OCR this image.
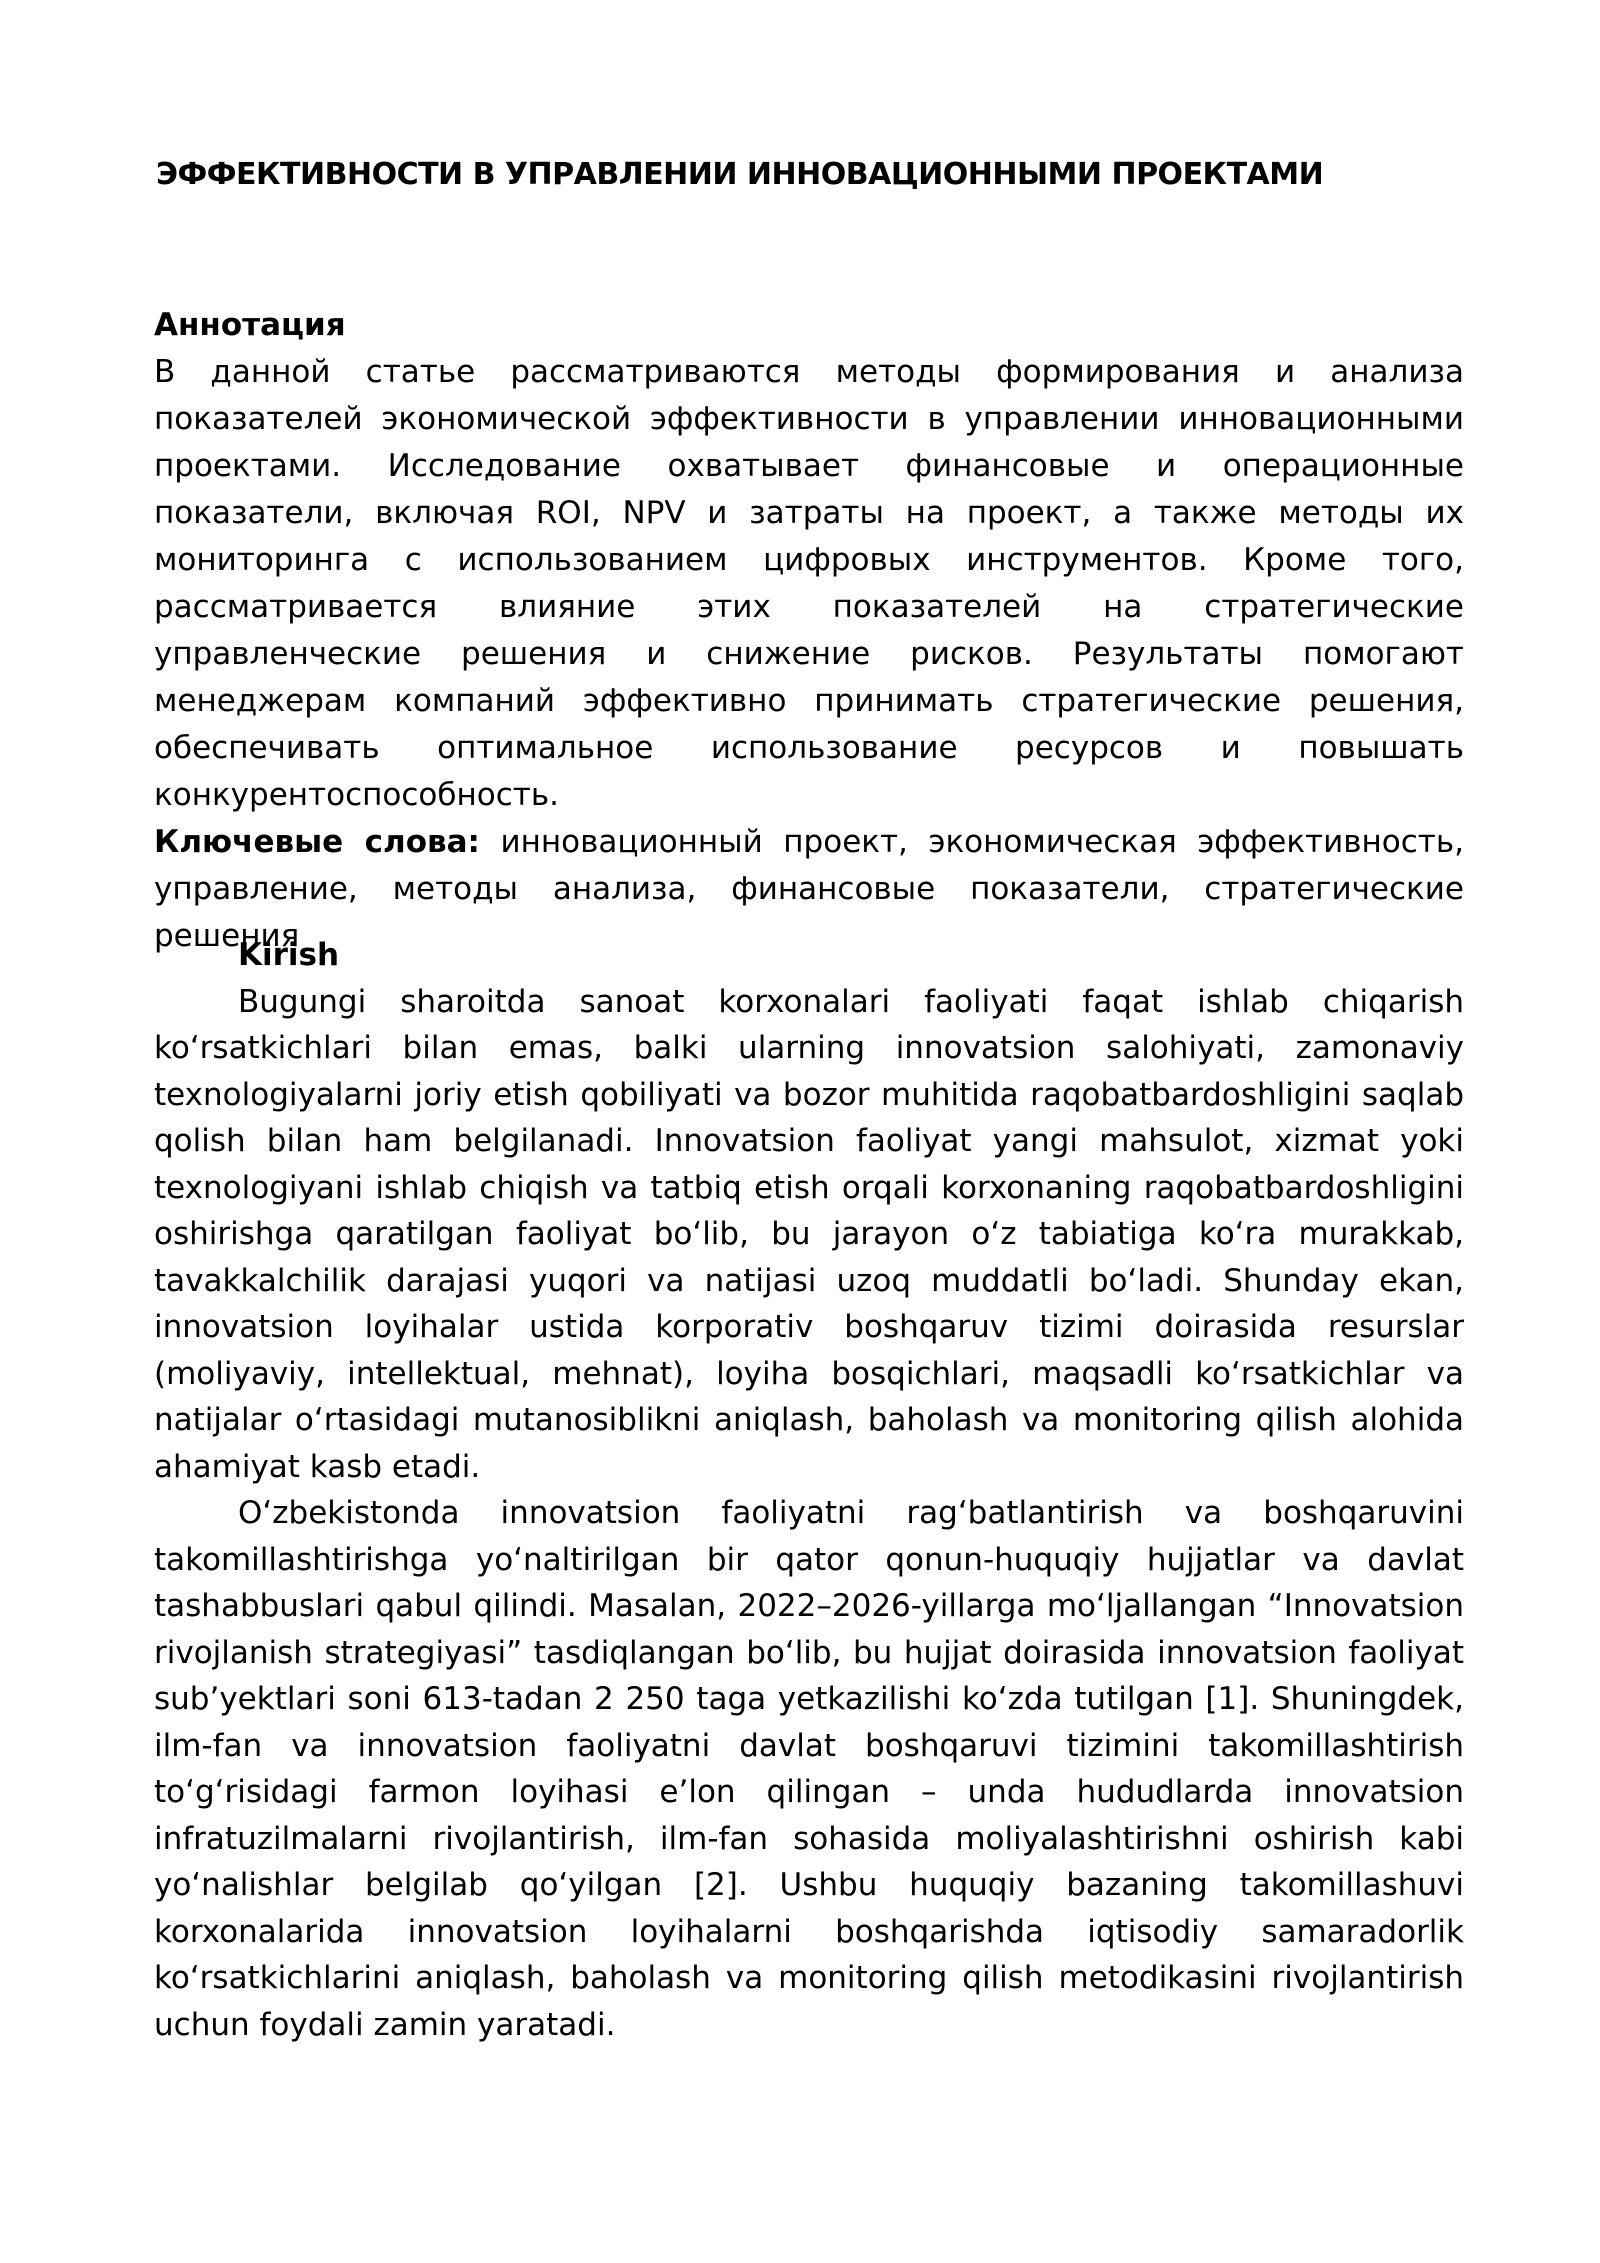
ЭФФЕКТИВНОСТИ В УПРАВЛЕНИИ ИННОВАЦИОННЫМИ ПРОЕКТАМИ
Аннотация

В данной статье рассматриваются методы формирования и анализа показателей экономической эффективности в управлении инновационными проектами. Исследование охватывает финансовые и операционные показатели, включая ROI, NPV и затраты на проект, а также методы их мониторинга с использованием цифровых инструментов. Кроме того, рассматривается влияние этих показателей на стратегические управленческие решения и снижение рисков. Результаты помогают менеджерам компаний эффективно принимать стратегические решения, обеспечивать оптимальное использование ресурсов и повышать конкурентоспособность.

Ключевые слова: инновационный проект, экономическая эффективность, управление, методы анализа, финансовые показатели, стратегические решения

Kirish

Bugungi sharoitda sanoat korxonalari faoliyati faqat ishlab chiqarish koʻrsatkichlari bilan emas, balki ularning innovatsion salohiyati, zamonaviy texnologiyalarni joriy etish qobiliyati va bozor muhitida raqobatbardoshligini saqlab qolish bilan ham belgilanadi. Innovatsion faoliyat yangi mahsulot, xizmat yoki texnologiyani ishlab chiqish va tatbiq etish orqali korxonaning raqobatbardoshligini oshirishga qaratilgan faoliyat boʻlib, bu jarayon oʻz tabiatiga koʻra murakkab, tavakkalchilik darajasi yuqori va natijasi uzoq muddatli boʻladi. Shunday ekan, innovatsion loyihalar ustida korporativ boshqaruv tizimi doirasida resurslar (moliyaviy, intellektual, mehnat), loyiha bosqichlari, maqsadli koʻrsatkichlar va natijalar oʻrtasidagi mutanosiblikni aniqlash, baholash va monitoring qilish alohida ahamiyat kasb etadi.

Oʻzbekistonda innovatsion faoliyatni ragʻbatlantirish va boshqaruvini takomillashtirishga yoʻnaltirilgan bir qator qonun-huquqiy hujjatlar va davlat tashabbuslari qabul qilindi. Masalan, 2022–2026-yillarga moʻljallangan “Innovatsion rivojlanish strategiyasi” tasdiqlangan boʻlib, bu hujjat doirasida innovatsion faoliyat subʼyektlari soni 613-tadan 2 250 taga yetkazilishi koʻzda tutilgan [1]. Shuningdek, ilm-fan va innovatsion faoliyatni davlat boshqaruvi tizimini takomillashtirish toʻgʻrisidagi farmon loyihasi eʼlon qilingan – unda hududlarda innovatsion infratuzilmalarni rivojlantirish, ilm-fan sohasida moliyalashtirishni oshirish kabi yoʻnalishlar belgilab qoʻyilgan [2]. Ushbu huquqiy bazaning takomillashuvi korxonalarida innovatsion loyihalarni boshqarishda iqtisodiy samaradorlik koʻrsatkichlarini aniqlash, baholash va monitoring qilish metodikasini rivojlantirish uchun foydali zamin yaratadi.
